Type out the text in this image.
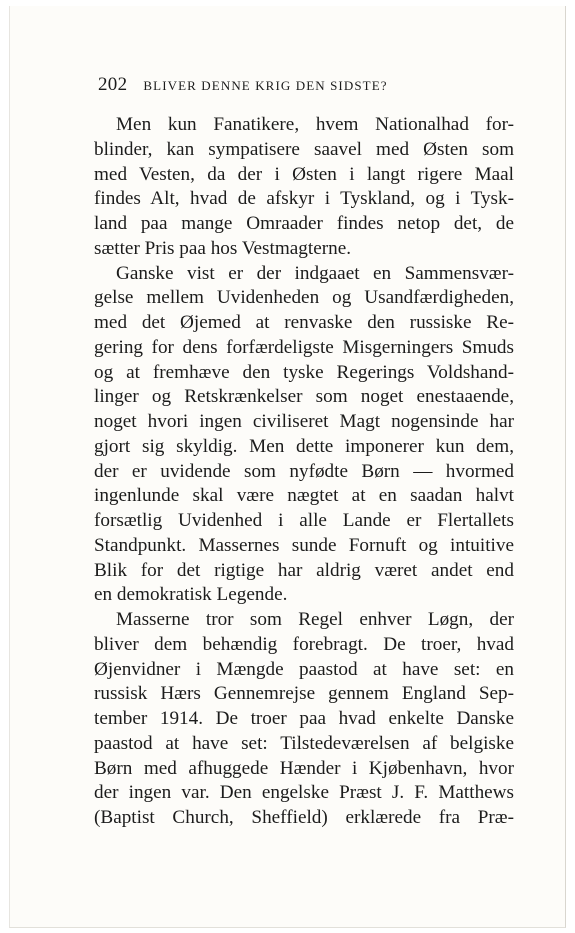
202 BLIVER DENNE KRIG DEN SIDSTE?
Men kun Fanatikere, hvem Nationalhad for-
blinder, kan sympatisere saavel med Østen som
med Vesten, da der i Østen i langt rigere Maal
findes Alt, hvad de afskyr i Tyskland, og i Tysk-
land paa mange Omraader findes netop det, de
sætter Pris paa hos Vestmagterne.
Ganske vist er der indgaaet en Sammensvær-
gelse mellem Uvidenheden og Usandfærdigheden,
med det Øjemed at renvaske den russiske Re-
gering for dens forfærdeligste Misgerningers Smuds
og at fremhæve den tyske Regerings Voldshand-
linger og Retskrænkelser som noget enestaaende,
noget hvori ingen civiliseret Magt nogensinde har
gjort sig skyldig. Men dette imponerer kun dem,
der er uvidende som nyfødte Børn — hvormed
ingenlunde skal være nægtet at en saadan halvt
forsætlig Uvidenhed i alle Lande er Flertallets
Standpunkt. Massernes sunde Fornuft og intuitive
Blik for det rigtige har aldrig været andet end
en demokratisk Legende.
Masserne tror som Regel enhver Løgn, der
bliver dem behændig forebragt. De troer, hvad
Øjenvidner i Mængde paastod at have set: en
russisk Hærs Gennemrejse gennem England Sep-
tember 1914. De troer paa hvad enkelte Danske
paastod at have set: Tilstedeværelsen af belgiske
Børn med afhuggede Hænder i Kjøbenhavn, hvor
der ingen var. Den engelske Præst J. F. Matthews
(Baptist Church, Sheffield) erklærede fra Præ-
